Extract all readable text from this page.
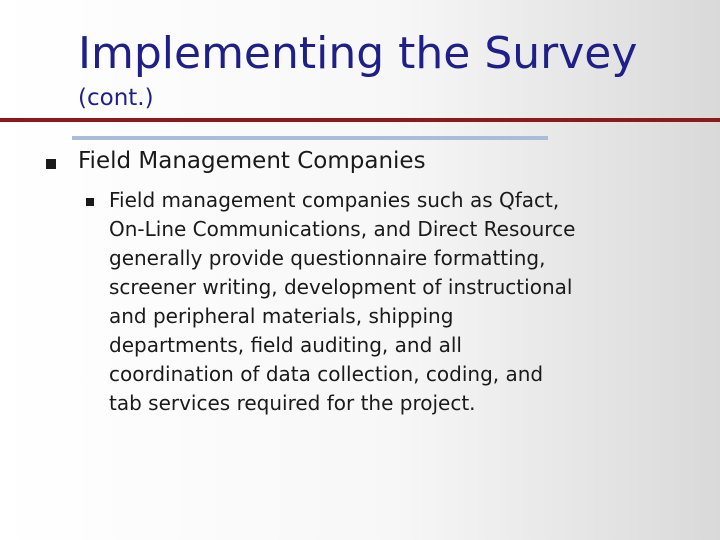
Implementing the Survey
(cont.)
Field Management Companies
Field management companies such as Qfact,
On-Line Communications, and Direct Resource
generally provide questionnaire formatting,
screener writing, development of instructional
and peripheral materials, shipping
departments, field auditing, and all
coordination of data collection, coding, and
tab services required for the project.
